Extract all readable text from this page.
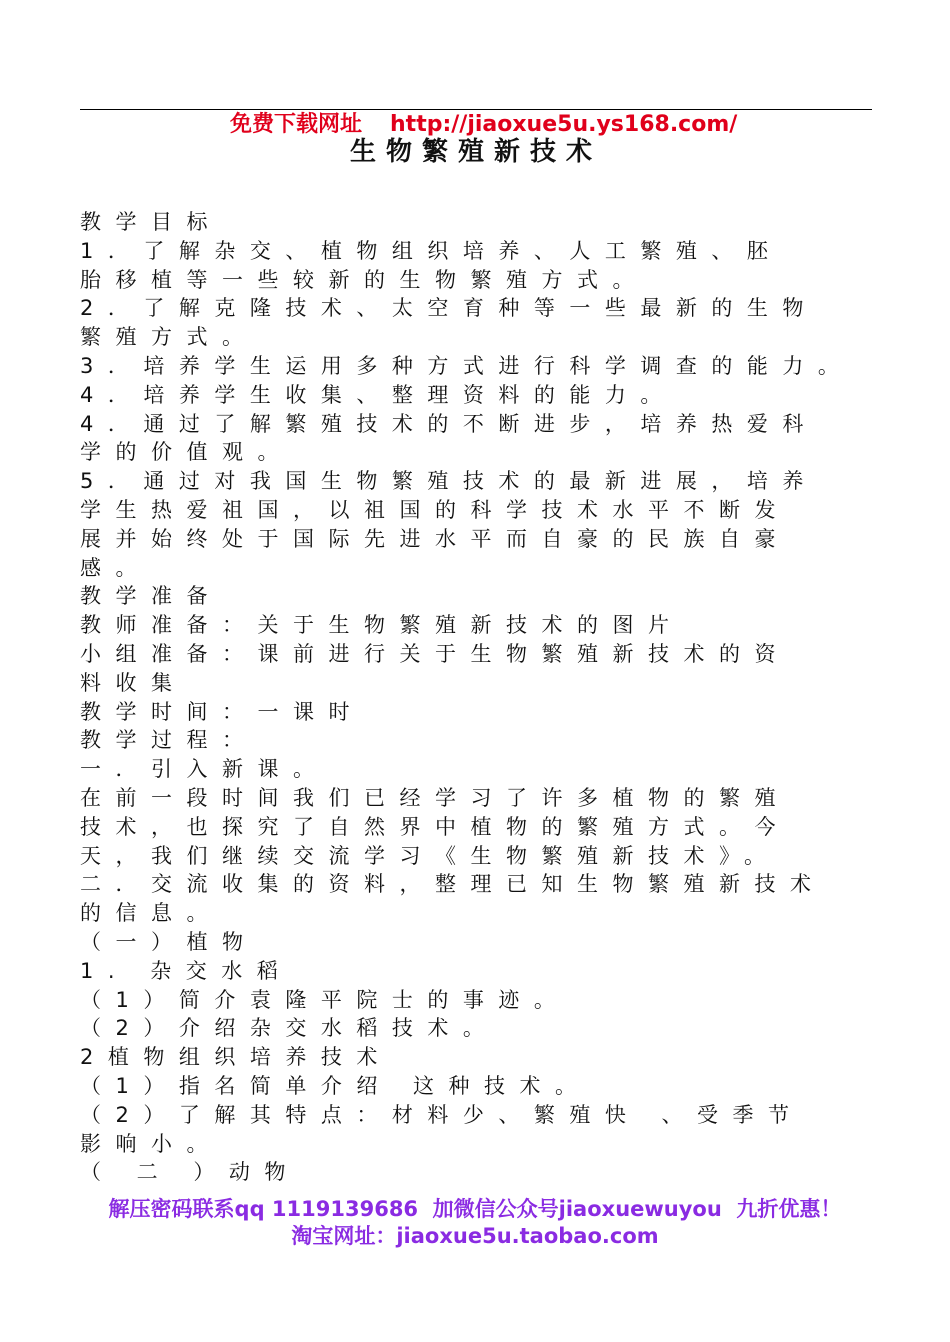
免费下载网址 http://jiaoxue5u.ys168.com/

生物繁殖新技术
教学目标
1．了解杂交、植物组织培养、人工繁殖、胚
胎移植等一些较新的生物繁殖方式。
2．了解克隆技术、太空育种等一些最新的生物
繁殖方式。
3．培养学生运用多种方式进行科学调查的能力。
4．培养学生收集、整理资料的能力。
4．通过了解繁殖技术的不断进步，培养热爱科
学的价值观。
5．通过对我国生物繁殖技术的最新进展，培养
学生热爱祖国，以祖国的科学技术水平不断发
展并始终处于国际先进水平而自豪的民族自豪
感。
教学准备
教师准备：关于生物繁殖新技术的图片
小组准备：课前进行关于生物繁殖新技术的资
料收集
教学时间：一课时
教学过程：
一．引入新课。
在前一段时间我们已经学习了许多植物的繁殖
技术，也探究了自然界中植物的繁殖方式。今
天，我们继续交流学习《生物繁殖新技术》。
二．交流收集的资料，整理已知生物繁殖新技术
的信息。
（一）植物
1. 杂交水稻
（1）简介袁隆平院士的事迹。
（2）介绍杂交水稻技术。
2植物组织培养技术
（1）指名简单介绍 这种技术。
（2）了解其特点：材料少、繁殖快 、受季节
影响小。
（ 二 ）动物
解压密码联系qq 1119139686  加微信公众号jiaoxuewuyou  九折优惠！
淘宝网址：jiaoxue5u.taobao.com
